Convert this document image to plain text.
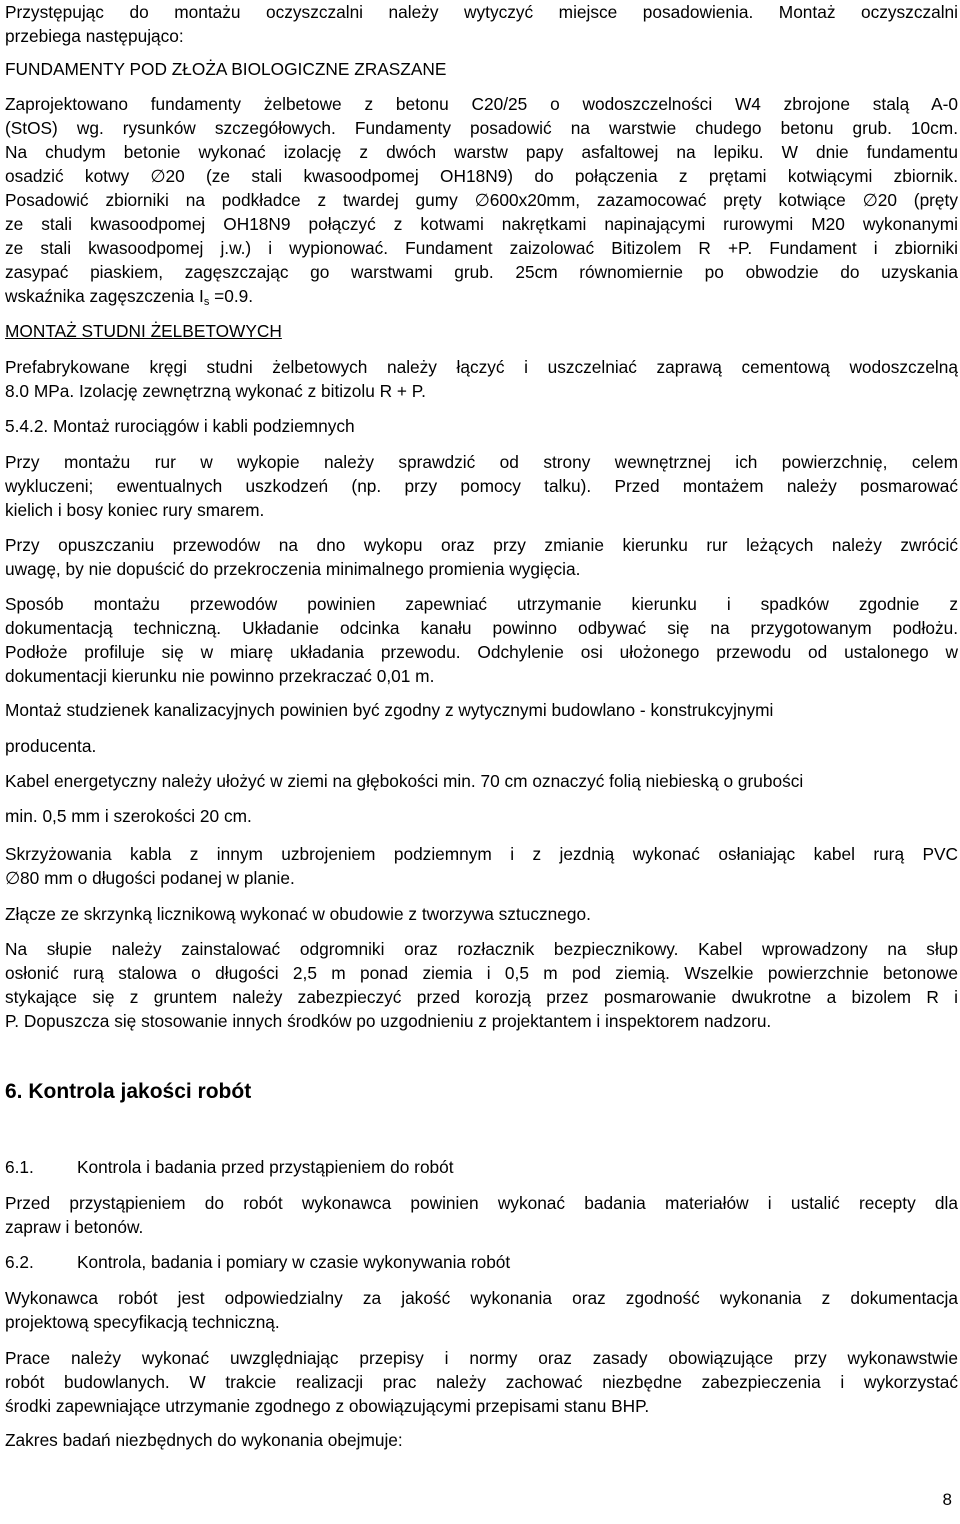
Przystępując do montażu oczyszczalni należy wytyczyć miejsce posadowienia. Montaż oczyszczalni
przebiega następująco:
FUNDAMENTY POD ZŁOŻA BIOLOGICZNE ZRASZANE
Zaprojektowano fundamenty żelbetowe z betonu C20/25 o wodoszczelności W4 zbrojone stalą A-0
(StOS) wg. rysunków szczegółowych. Fundamenty posadowić na warstwie chudego betonu grub. 10cm.
Na chudym betonie wykonać izolację z dwóch warstw papy asfaltowej na lepiku. W dnie fundamentu
osadzić kotwy ∅20 (ze stali kwasoodpomej OH18N9) do połączenia z prętami kotwiącymi zbiornik.
Posadowić zbiorniki na podkładce z twardej gumy ∅600x20mm, zazamocować pręty kotwiące ∅20 (pręty
ze stali kwasoodpomej OH18N9 połączyć z kotwami nakrętkami napinającymi rurowymi M20 wykonanymi
ze stali kwasoodpomej j.w.) i wypionować. Fundament zaizolować Bitizolem R +P. Fundament i zbiorniki
zasypać piaskiem, zagęszczając go warstwami grub. 25cm równomiernie po obwodzie do uzyskania
wskaźnika zagęszczenia $I_s =0.9$.
MONTAŻ STUDNI ŻELBETOWYCH
Prefabrykowane kręgi studni żelbetowych należy łączyć i uszczelniać zaprawą cementową wodoszczelną
8.0 MPa. Izolację zewnętrzną wykonać z bitizolu R + P.
5.4.2. Montaż rurociągów i kabli podziemnych
Przy montażu rur w wykopie należy sprawdzić od strony wewnętrznej ich powierzchnię, celem
wykluczeni; ewentualnych uszkodzeń (np. przy pomocy talku). Przed montażem należy posmarować
kielich i bosy koniec rury smarem.
Przy opuszczaniu przewodów na dno wykopu oraz przy zmianie kierunku rur leżących należy zwrócić
uwagę, by nie dopuścić do przekroczenia minimalnego promienia wygięcia.
Sposób montażu przewodów powinien zapewniać utrzymanie kierunku i spadków zgodnie z
dokumentacją techniczną. Układanie odcinka kanału powinno odbywać się na przygotowanym podłożu.
Podłoże profiluje się w miarę układania przewodu. Odchylenie osi ułożonego przewodu od ustalonego w
dokumentacji kierunku nie powinno przekraczać 0,01 m.
Montaż studzienek kanalizacyjnych powinien być zgodny z wytycznymi budowlano - konstrukcyjnymi
producenta.
Kabel energetyczny należy ułożyć w ziemi na głębokości min. 70 cm oznaczyć folią niebieską o grubości
min. 0,5 mm i szerokości 20 cm.
Skrzyżowania kabla z innym uzbrojeniem podziemnym i z jezdnią wykonać osłaniając kabel rurą PVC
∅80 mm o długości podanej w planie.
Złącze ze skrzynką licznikową wykonać w obudowie z tworzywa sztucznego.
Na słupie należy zainstalować odgromniki oraz rozłacznik bezpiecznikowy. Kabel wprowadzony na słup
osłonić rurą stalowa o długości 2,5 m ponad ziemia i 0,5 m pod ziemią. Wszelkie powierzchnie betonowe
stykające się z gruntem należy zabezpieczyć przed korozją przez posmarowanie dwukrotne a bizolem R i
P. Dopuszcza się stosowanie innych środków po uzgodnieniu z projektantem i inspektorem nadzoru.
6. Kontrola jakości robót
6.1. Kontrola i badania przed przystąpieniem do robót
Przed przystąpieniem do robót wykonawca powinien wykonać badania materiałów i ustalić recepty dla
zapraw i betonów.
6.2. Kontrola, badania i pomiary w czasie wykonywania robót
Wykonawca robót jest odpowiedzialny za jakość wykonania oraz zgodność wykonania z dokumentacja
projektową specyfikacją techniczną.
Prace należy wykonać uwzględniając przepisy i normy oraz zasady obowiązujące przy wykonawstwie
robót budowlanych. W trakcie realizacji prac należy zachować niezbędne zabezpieczenia i wykorzystać
środki zapewniające utrzymanie zgodnego z obowiązującymi przepisami stanu BHP.
Zakres badań niezbędnych do wykonania obejmuje:
8
